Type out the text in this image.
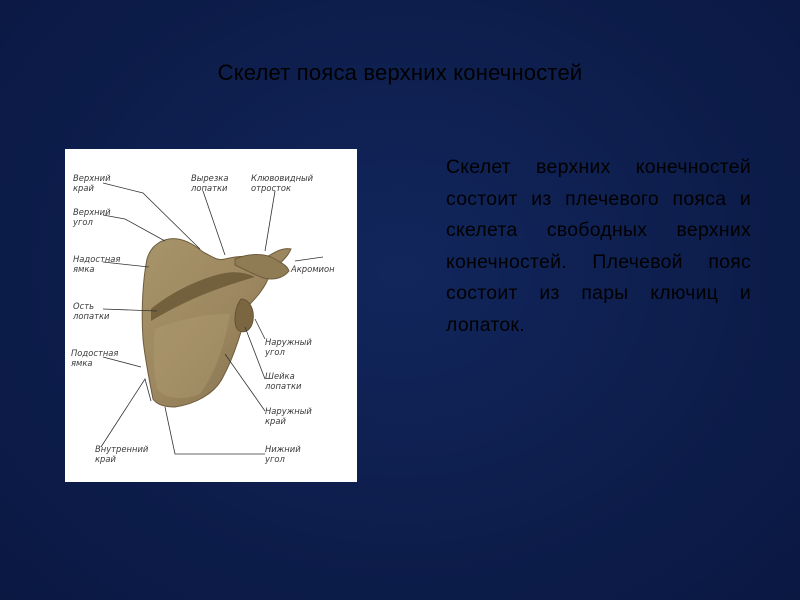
Скелет пояса верхних конечностей
Верхний
край
Верхний
угол
Надостная
ямка
Ость
лопатки
Подостная
ямка
Внутренний
край
Вырезка
лопатки
Клювовидный
отросток
Акромион
Наружный
угол
Шейка
лопатки
Наружный
край
Нижний
угол
Скелет верхних конечностей состоит из плечевого пояса и скелета свободных верхних конечностей. Плечевой пояс состоит из пары ключиц и лопаток.
